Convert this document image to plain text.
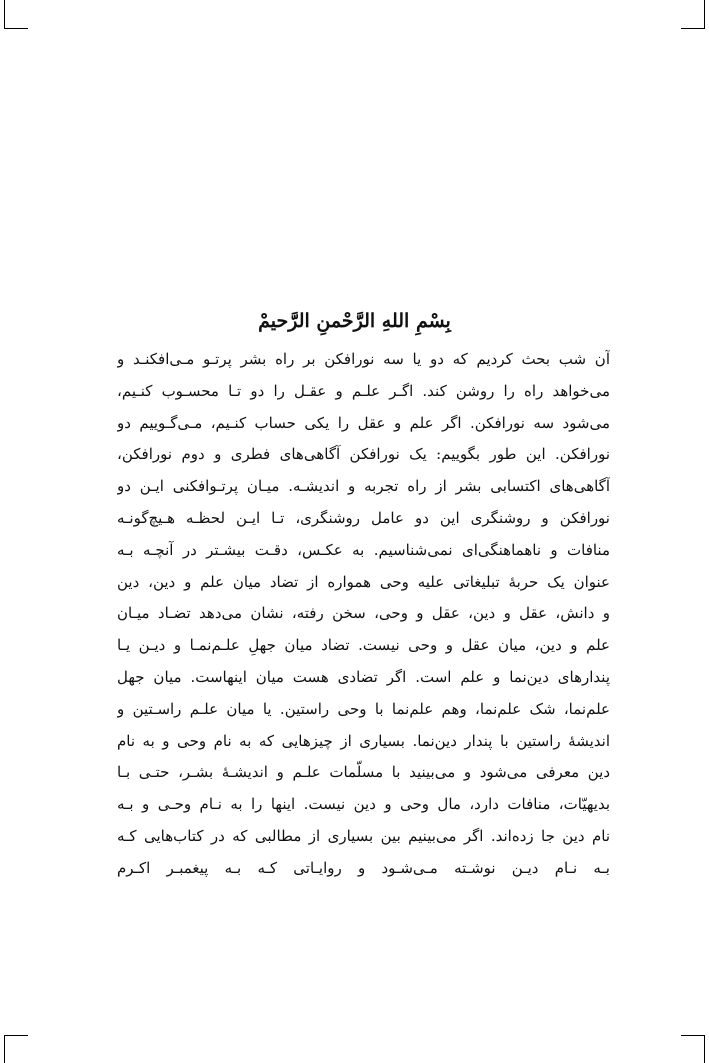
بِسْمِ اللهِ الرَّحْمنِ الرَّحیمْ
آن شب بحث کردیم که دو یا سه نورافکن بر راه بشر پرتـو مـی‌افکنـد و
می‌خواهد راه را روشن کند. اگـر علـم و عقـل را دو تـا محسـوب کنـیم،
می‌شود سه نورافکن. اگر علم و عقل را یکی حساب کنـیم، مـی‌گـوییم دو
نورافکن. این طور بگوییم: یک نورافکن آگاهی‌های فطری و دوم نورافکن،
آگاهی‌های اکتسابی بشر از راه تجربه و اندیشـه. میـان پرتـوافکنی ایـن دو
نورافکن و روشنگری این دو عامل روشنگری، تـا ایـن لحظـه هـیچ‌گونـه
منافات و ناهماهنگی‌ای نمی‌شناسیم. به عکـس، دقـت بیشـتر در آنچـه بـه
عنوان یک حربهٔ تبلیغاتی علیه وحی همواره از تضاد میان علم و دین، دین
و دانش، عقل و دین، عقل و وحی، سخن رفته، نشان می‌دهد تضـاد میـان
علم و دین، میان عقل و وحی نیست. تضاد میان جهلِ علـم‌نمـا و دیـن یـا
پندارهای دین‌نما و علم است. اگر تضادی هست میان اینهاست. میان جهل
علم‌نما، شک علم‌نما، وهم علم‌نما با وحی راستین. یا میان علـم راسـتین و
اندیشهٔ راستین با پندار دین‌نما. بسیاری از چیزهایی که به نام وحی و به نام
دین معرفی می‌شود و می‌بینید با مسلّمات علـم و اندیشـهٔ بشـر، حتـی بـا
بدیهیّات، منافات دارد، مال وحی و دین نیست. اینها را به نـام وحـی و بـه
نام دین جا زده‌اند. اگر می‌بینیم بین بسیاری از مطالبی که در کتاب‌هایی کـه
بـه نـام دیـن نوشـته مـی‌شـود و روایـاتی کـه بـه پیغمبـر اکـرم
